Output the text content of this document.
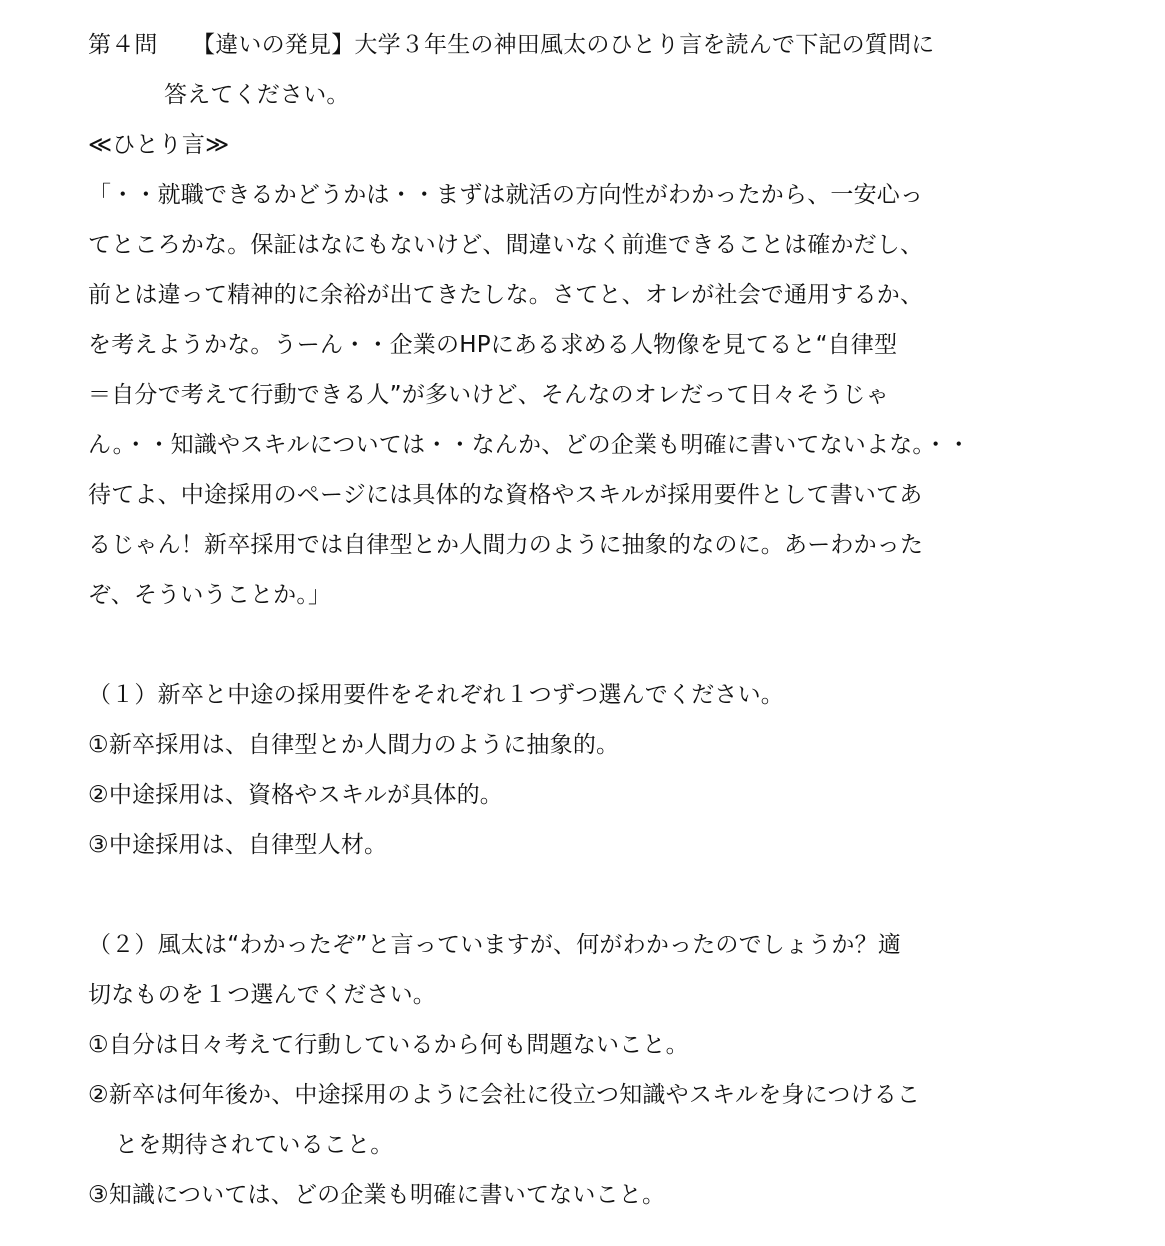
第４問 【違いの発見】大学３年生の神田風太のひとり言を読んで下記の質問に
答えてください。
≪ひとり言≫
「・・就職できるかどうかは・・まずは就活の方向性がわかったから、一安心っ
てところかな。保証はなにもないけど、間違いなく前進できることは確かだし、
前とは違って精神的に余裕が出てきたしな。さてと、オレが社会で通用するか、
を考えようかな。うーん・・企業のHPにある求める人物像を見てると“自律型
＝自分で考えて行動できる人”が多いけど、そんなのオレだって日々そうじゃ
ん。・・知識やスキルについては・・なんか、どの企業も明確に書いてないよな。・・
待てよ、中途採用のページには具体的な資格やスキルが採用要件として書いてあ
るじゃん！新卒採用では自律型とか人間力のように抽象的なのに。あーわかった
ぞ、そういうことか。」
（１）新卒と中途の採用要件をそれぞれ１つずつ選んでください。
①新卒採用は、自律型とか人間力のように抽象的。
②中途採用は、資格やスキルが具体的。
③中途採用は、自律型人材。
（２）風太は“わかったぞ”と言っていますが、何がわかったのでしょうか？適
切なものを１つ選んでください。
①自分は日々考えて行動しているから何も問題ないこと。
②新卒は何年後か、中途採用のように会社に役立つ知識やスキルを身につけるこ
とを期待されていること。
③知識については、どの企業も明確に書いてないこと。
